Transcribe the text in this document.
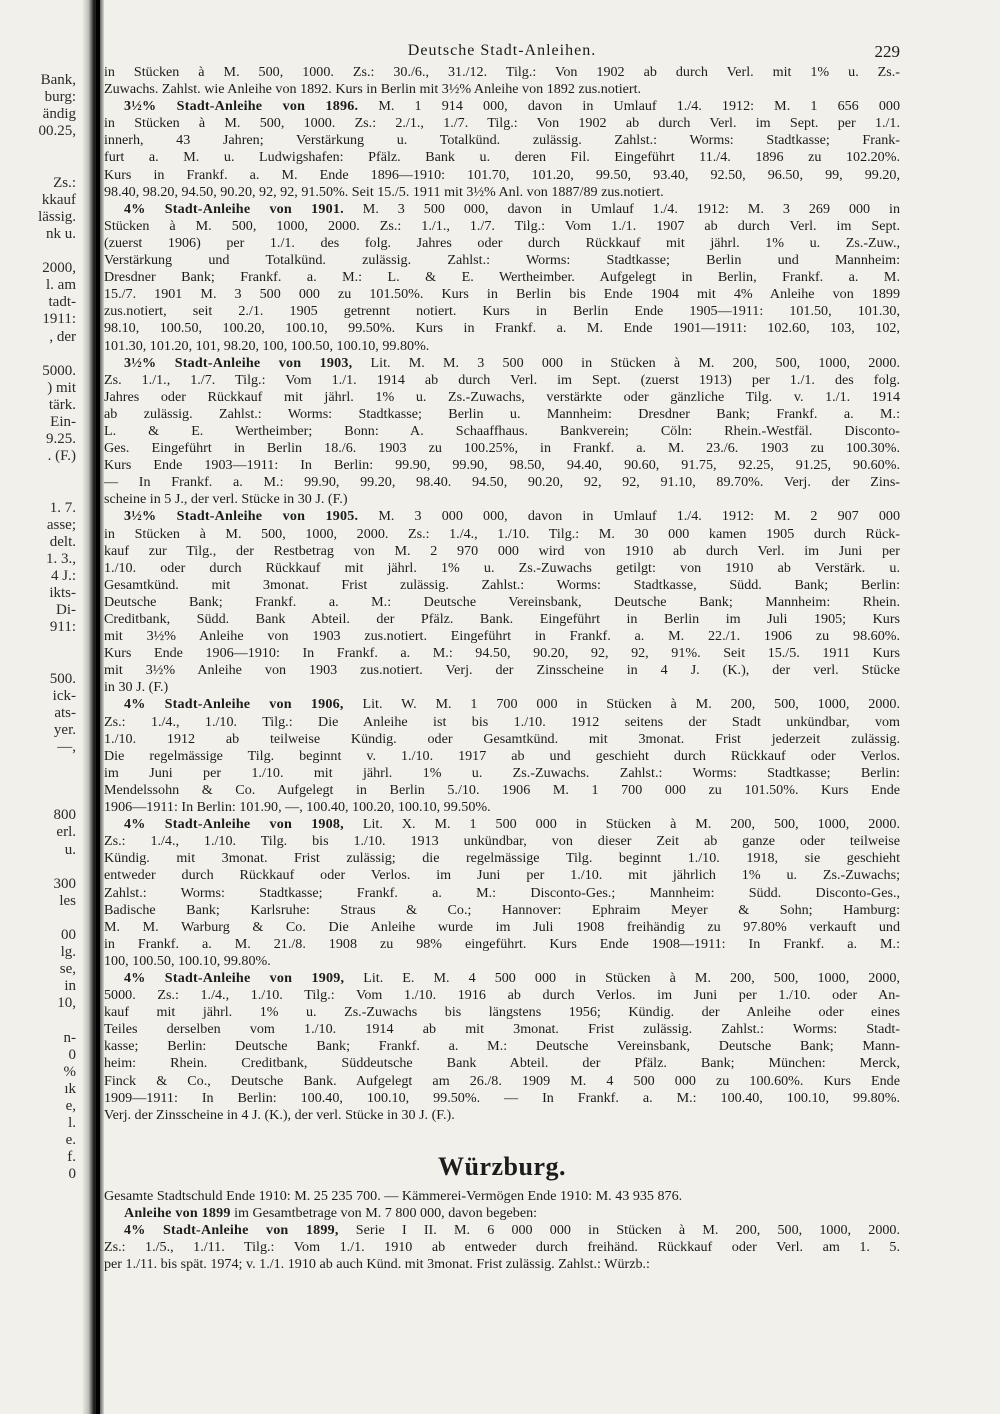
Bank,
burg:
ändig
00.25,
Zs.:
kkauf
lässig.
nk u.
2000,
l. am
tadt-
1911:
, der
5000.
) mit
tärk.
Ein-
9.25.
. (F.)
1. 7.
asse;
delt.
1. 3.,
4 J.:
ikts-
Di-
911:
500.
ick-
ats-
yer.
—,
800
erl.
u.
300
les
00
lg.
se,
in
10,
n-
0
%
ık
e,
l.
e.
f.
0
Deutsche Stadt-Anleihen.	229
in Stücken à M. 500, 1000. Zs.: 30./6., 31./12. Tilg.: Von 1902 ab durch Verl. mit 1% u. Zs.-
Zuwachs. Zahlst. wie Anleihe von 1892. Kurs in Berlin mit 3½% Anleihe von 1892 zus.notiert.
3½% Stadt-Anleihe von 1896. M. 1 914 000, davon in Umlauf 1./4. 1912: M. 1 656 000
in Stücken à M. 500, 1000. Zs.: 2./1., 1./7. Tilg.: Von 1902 ab durch Verl. im Sept. per 1./1.
innerh, 43 Jahren; Verstärkung u. Totalkünd. zulässig. Zahlst.: Worms: Stadtkasse; Frank-
furt a. M. u. Ludwigshafen: Pfälz. Bank u. deren Fil. Eingeführt 11./4. 1896 zu 102.20%.
Kurs in Frankf. a. M. Ende 1896—1910: 101.70, 101.20, 99.50, 93.40, 92.50, 96.50, 99, 99.20,
98.40, 98.20, 94.50, 90.20, 92, 92, 91.50%. Seit 15./5. 1911 mit 3½% Anl. von 1887/89 zus.notiert.
4% Stadt-Anleihe von 1901. M. 3 500 000, davon in Umlauf 1./4. 1912: M. 3 269 000 in
Stücken à M. 500, 1000, 2000. Zs.: 1./1., 1./7. Tilg.: Vom 1./1. 1907 ab durch Verl. im Sept.
(zuerst 1906) per 1./1. des folg. Jahres oder durch Rückkauf mit jährl. 1% u. Zs.-Zuw.,
Verstärkung und Totalkünd. zulässig. Zahlst.: Worms: Stadtkasse; Berlin und Mannheim:
Dresdner Bank; Frankf. a. M.: L. & E. Wertheimber. Aufgelegt in Berlin, Frankf. a. M.
15./7. 1901 M. 3 500 000 zu 101.50%. Kurs in Berlin bis Ende 1904 mit 4% Anleihe von 1899
zus.notiert, seit 2./1. 1905 getrennt notiert. Kurs in Berlin Ende 1905—1911: 101.50, 101.30,
98.10, 100.50, 100.20, 100.10, 99.50%. Kurs in Frankf. a. M. Ende 1901—1911: 102.60, 103, 102,
101.30, 101.20, 101, 98.20, 100, 100.50, 100.10, 99.80%.
3½% Stadt-Anleihe von 1903, Lit. M. M. 3 500 000 in Stücken à M. 200, 500, 1000, 2000.
Zs. 1./1., 1./7. Tilg.: Vom 1./1. 1914 ab durch Verl. im Sept. (zuerst 1913) per 1./1. des folg.
Jahres oder Rückkauf mit jährl. 1% u. Zs.-Zuwachs, verstärkte oder gänzliche Tilg. v. 1./1. 1914
ab zulässig. Zahlst.: Worms: Stadtkasse; Berlin u. Mannheim: Dresdner Bank; Frankf. a. M.:
L. & E. Wertheimber; Bonn: A. Schaaffhaus. Bankverein; Cöln: Rhein.-Westfäl. Disconto-
Ges. Eingeführt in Berlin 18./6. 1903 zu 100.25%, in Frankf. a. M. 23./6. 1903 zu 100.30%.
Kurs Ende 1903—1911: In Berlin: 99.90, 99.90, 98.50, 94.40, 90.60, 91.75, 92.25, 91.25, 90.60%.
— In Frankf. a. M.: 99.90, 99.20, 98.40. 94.50, 90.20, 92, 92, 91.10, 89.70%. Verj. der Zins-
scheine in 5 J., der verl. Stücke in 30 J. (F.)
3½% Stadt-Anleihe von 1905. M. 3 000 000, davon in Umlauf 1./4. 1912: M. 2 907 000
in Stücken à M. 500, 1000, 2000. Zs.: 1./4., 1./10. Tilg.: M. 30 000 kamen 1905 durch Rück-
kauf zur Tilg., der Restbetrag von M. 2 970 000 wird von 1910 ab durch Verl. im Juni per
1./10. oder durch Rückkauf mit jährl. 1% u. Zs.-Zuwachs getilgt: von 1910 ab Verstärk. u.
Gesamtkünd. mit 3monat. Frist zulässig. Zahlst.: Worms: Stadtkasse, Südd. Bank; Berlin:
Deutsche Bank; Frankf. a. M.: Deutsche Vereinsbank, Deutsche Bank; Mannheim: Rhein.
Creditbank, Südd. Bank Abteil. der Pfälz. Bank. Eingeführt in Berlin im Juli 1905; Kurs
mit 3½% Anleihe von 1903 zus.notiert. Eingeführt in Frankf. a. M. 22./1. 1906 zu 98.60%.
Kurs Ende 1906—1910: In Frankf. a. M.: 94.50, 90.20, 92, 92, 91%. Seit 15./5. 1911 Kurs
mit 3½% Anleihe von 1903 zus.notiert. Verj. der Zinsscheine in 4 J. (K.), der verl. Stücke
in 30 J. (F.)
4% Stadt-Anleihe von 1906, Lit. W. M. 1 700 000 in Stücken à M. 200, 500, 1000, 2000.
Zs.: 1./4., 1./10. Tilg.: Die Anleihe ist bis 1./10. 1912 seitens der Stadt unkündbar, vom
1./10. 1912 ab teilweise Kündig. oder Gesamtkünd. mit 3monat. Frist jederzeit zulässig.
Die regelmässige Tilg. beginnt v. 1./10. 1917 ab und geschieht durch Rückkauf oder Verlos.
im Juni per 1./10. mit jährl. 1% u. Zs.-Zuwachs. Zahlst.: Worms: Stadtkasse; Berlin:
Mendelssohn & Co. Aufgelegt in Berlin 5./10. 1906 M. 1 700 000 zu 101.50%. Kurs Ende
1906—1911: In Berlin: 101.90, —, 100.40, 100.20, 100.10, 99.50%.
4% Stadt-Anleihe von 1908, Lit. X. M. 1 500 000 in Stücken à M. 200, 500, 1000, 2000.
Zs.: 1./4., 1./10. Tilg. bis 1./10. 1913 unkündbar, von dieser Zeit ab ganze oder teilweise
Kündig. mit 3monat. Frist zulässig; die regelmässige Tilg. beginnt 1./10. 1918, sie geschieht
entweder durch Rückkauf oder Verlos. im Juni per 1./10. mit jährlich 1% u. Zs.-Zuwachs;
Zahlst.: Worms: Stadtkasse; Frankf. a. M.: Disconto-Ges.; Mannheim: Südd. Disconto-Ges.,
Badische Bank; Karlsruhe: Straus & Co.; Hannover: Ephraim Meyer & Sohn; Hamburg:
M. M. Warburg & Co. Die Anleihe wurde im Juli 1908 freihändig zu 97.80% verkauft und
in Frankf. a. M. 21./8. 1908 zu 98% eingeführt. Kurs Ende 1908—1911: In Frankf. a. M.:
100, 100.50, 100.10, 99.80%.
4% Stadt-Anleihe von 1909, Lit. E. M. 4 500 000 in Stücken à M. 200, 500, 1000, 2000,
5000. Zs.: 1./4., 1./10. Tilg.: Vom 1./10. 1916 ab durch Verlos. im Juni per 1./10. oder An-
kauf mit jährl. 1% u. Zs.-Zuwachs bis längstens 1956; Kündig. der Anleihe oder eines
Teiles derselben vom 1./10. 1914 ab mit 3monat. Frist zulässig. Zahlst.: Worms: Stadt-
kasse; Berlin: Deutsche Bank; Frankf. a. M.: Deutsche Vereinsbank, Deutsche Bank; Mann-
heim: Rhein. Creditbank, Süddeutsche Bank Abteil. der Pfälz. Bank; München: Merck,
Finck & Co., Deutsche Bank. Aufgelegt am 26./8. 1909 M. 4 500 000 zu 100.60%. Kurs Ende
1909—1911: In Berlin: 100.40, 100.10, 99.50%. — In Frankf. a. M.: 100.40, 100.10, 99.80%.
Verj. der Zinsscheine in 4 J. (K.), der verl. Stücke in 30 J. (F.).
Würzburg.
Gesamte Stadtschuld Ende 1910: M. 25 235 700. — Kämmerei-Vermögen Ende 1910: M. 43 935 876.
Anleihe von 1899 im Gesamtbetrage von M. 7 800 000, davon begeben:
4% Stadt-Anleihe von 1899, Serie I II. M. 6 000 000 in Stücken à M. 200, 500, 1000, 2000.
Zs.: 1./5., 1./11. Tilg.: Vom 1./1. 1910 ab entweder durch freihänd. Rückkauf oder Verl. am 1. 5.
per 1./11. bis spät. 1974; v. 1./1. 1910 ab auch Künd. mit 3monat. Frist zulässig. Zahlst.: Würzb.:
